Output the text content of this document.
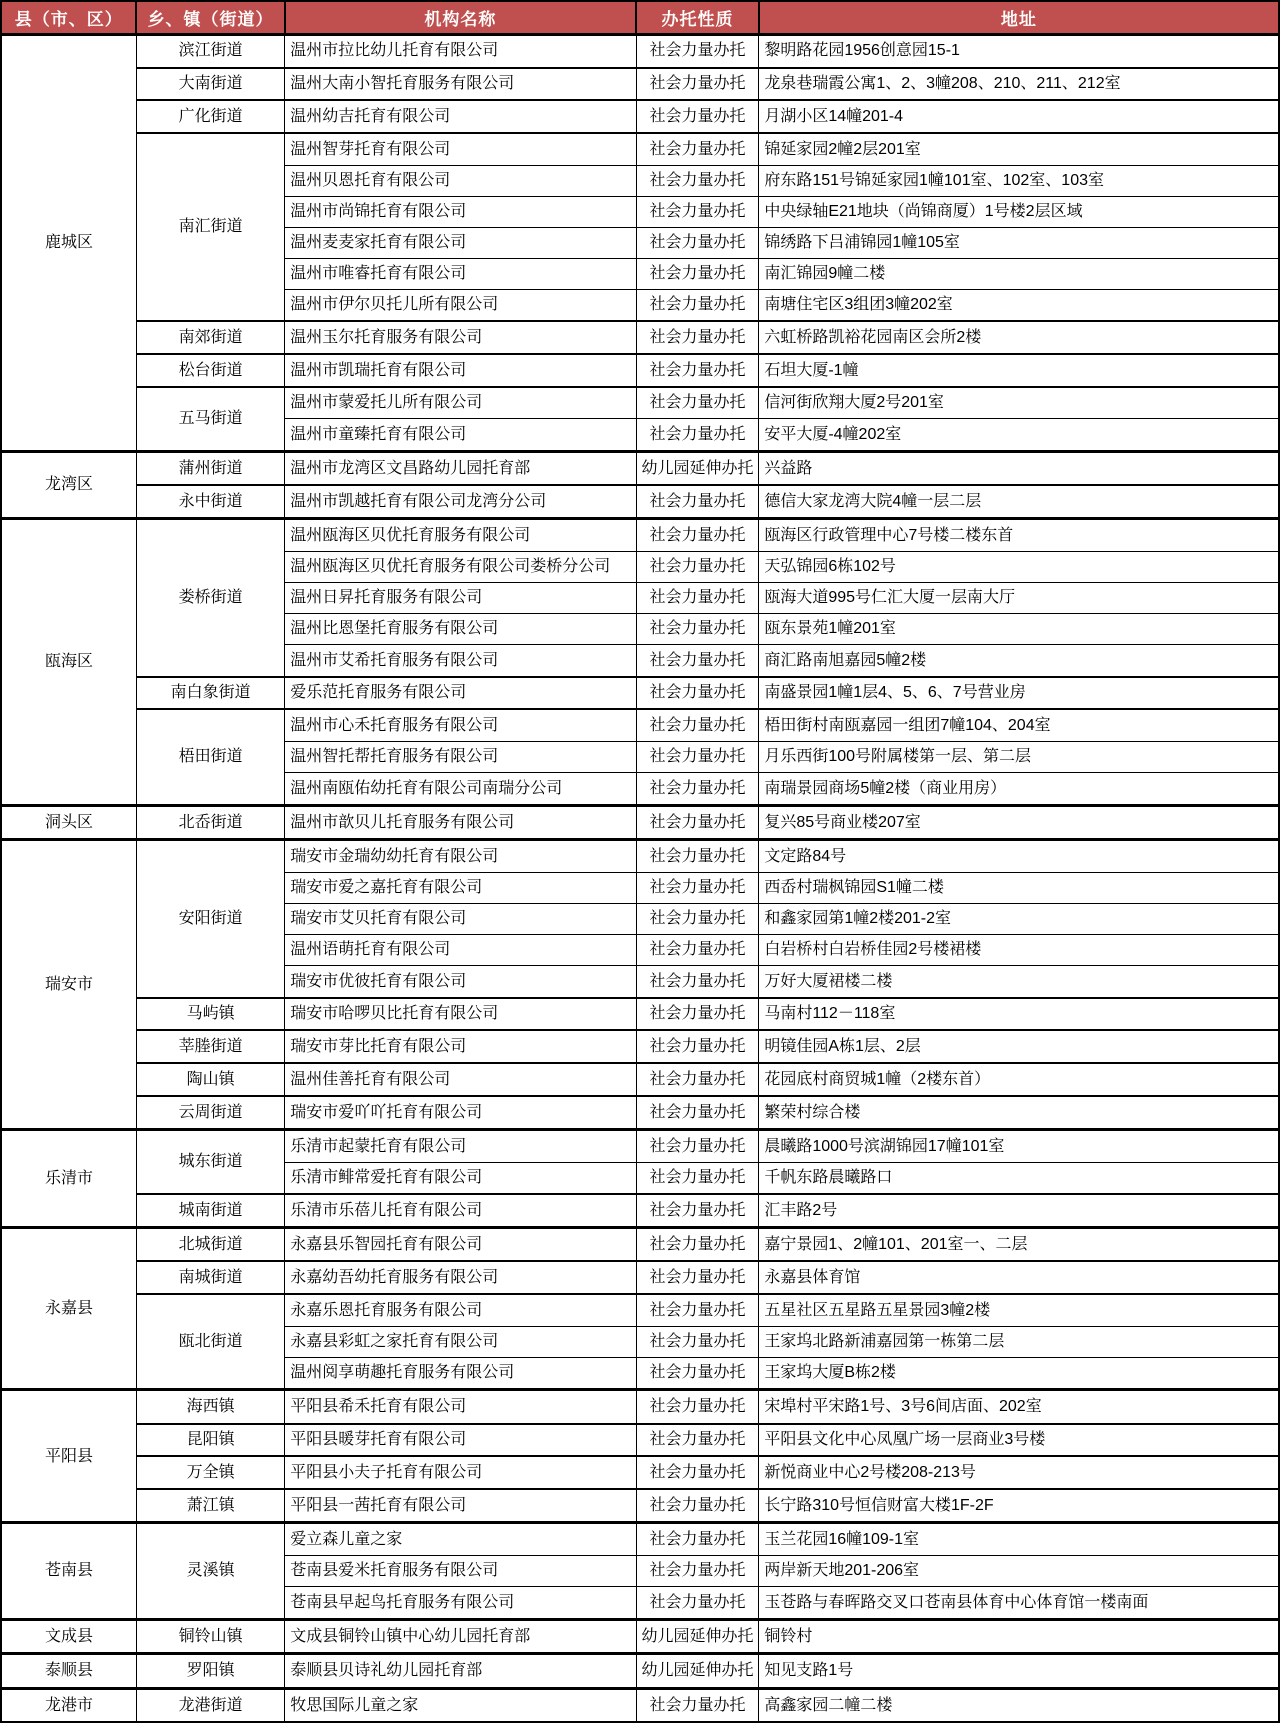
县（市、区）	乡、镇（街道）	机构名称	办托性质	地址
鹿城区	滨江街道	温州市拉比幼儿托育有限公司	社会力量办托	黎明路花园1956创意园15-1
	大南街道	温州大南小智托育服务有限公司	社会力量办托	龙泉巷瑞霞公寓1、2、3幢208、210、211、212室
	广化街道	温州幼吉托育有限公司	社会力量办托	月湖小区14幢201-4
	南汇街道	温州智芽托育有限公司	社会力量办托	锦延家园2幢2层201室
		温州贝恩托育有限公司	社会力量办托	府东路151号锦延家园1幢101室、102室、103室
		温州市尚锦托育有限公司	社会力量办托	中央绿轴E21地块（尚锦商厦）1号楼2层区域
		温州麦麦家托育有限公司	社会力量办托	锦绣路下吕浦锦园1幢105室
		温州市唯睿托育有限公司	社会力量办托	南汇锦园9幢二楼
		温州市伊尔贝托儿所有限公司	社会力量办托	南塘住宅区3组团3幢202室
	南郊街道	温州玉尔托育服务有限公司	社会力量办托	六虹桥路凯裕花园南区会所2楼
	松台街道	温州市凯瑞托育有限公司	社会力量办托	石坦大厦-1幢
	五马街道	温州市蒙爱托儿所有限公司	社会力量办托	信河街欣翔大厦2号201室
		温州市童臻托育有限公司	社会力量办托	安平大厦-4幢202室
龙湾区	蒲州街道	温州市龙湾区文昌路幼儿园托育部	幼儿园延伸办托	兴益路
	永中街道	温州市凯越托育有限公司龙湾分公司	社会力量办托	德信大家龙湾大院4幢一层二层
瓯海区	娄桥街道	温州瓯海区贝优托育服务有限公司	社会力量办托	瓯海区行政管理中心7号楼二楼东首
		温州瓯海区贝优托育服务有限公司娄桥分公司	社会力量办托	天弘锦园6栋102号
		温州日昇托育服务有限公司	社会力量办托	瓯海大道995号仁汇大厦一层南大厅
		温州比恩堡托育服务有限公司	社会力量办托	瓯东景苑1幢201室
		温州市艾希托育服务有限公司	社会力量办托	商汇路南旭嘉园5幢2楼
	南白象街道	爱乐范托育服务有限公司	社会力量办托	南盛景园1幢1层4、5、6、7号营业房
	梧田街道	温州市心禾托育服务有限公司	社会力量办托	梧田街村南瓯嘉园一组团7幢104、204室
		温州智托帮托育服务有限公司	社会力量办托	月乐西街100号附属楼第一层、第二层
		温州南瓯佑幼托育有限公司南瑞分公司	社会力量办托	南瑞景园商场5幢2楼（商业用房）
洞头区	北岙街道	温州市歆贝儿托育服务有限公司	社会力量办托	复兴85号商业楼207室
瑞安市	安阳街道	瑞安市金瑞幼幼托育有限公司	社会力量办托	文定路84号
		瑞安市爱之嘉托育有限公司	社会力量办托	西岙村瑞枫锦园S1幢二楼
		瑞安市艾贝托育有限公司	社会力量办托	和鑫家园第1幢2楼201-2室
		温州语萌托育有限公司	社会力量办托	白岩桥村白岩桥佳园2号楼裙楼
		瑞安市优彼托育有限公司	社会力量办托	万好大厦裙楼二楼
	马屿镇	瑞安市哈啰贝比托育有限公司	社会力量办托	马南村112－118室
	莘塍街道	瑞安市芽比托育有限公司	社会力量办托	明镜佳园A栋1层、2层
	陶山镇	温州佳善托育有限公司	社会力量办托	花园底村商贸城1幢（2楼东首）
	云周街道	瑞安市爱吖吖托育有限公司	社会力量办托	繁荣村综合楼
乐清市	城东街道	乐清市起蒙托育有限公司	社会力量办托	晨曦路1000号滨湖锦园17幢101室
		乐清市鲱常爱托育有限公司	社会力量办托	千帆东路晨曦路口
	城南街道	乐清市乐蓓儿托育有限公司	社会力量办托	汇丰路2号
永嘉县	北城街道	永嘉县乐智园托育有限公司	社会力量办托	嘉宁景园1、2幢101、201室一、二层
	南城街道	永嘉幼吾幼托育服务有限公司	社会力量办托	永嘉县体育馆
	瓯北街道	永嘉乐恩托育服务有限公司	社会力量办托	五星社区五星路五星景园3幢2楼
		永嘉县彩虹之家托育有限公司	社会力量办托	王家坞北路新浦嘉园第一栋第二层
		温州阅享萌趣托育服务有限公司	社会力量办托	王家坞大厦B栋2楼
平阳县	海西镇	平阳县希禾托育有限公司	社会力量办托	宋埠村平宋路1号、3号6间店面、202室
	昆阳镇	平阳县暖芽托育有限公司	社会力量办托	平阳县文化中心凤凰广场一层商业3号楼
	万全镇	平阳县小夫子托育有限公司	社会力量办托	新悦商业中心2号楼208-213号
	萧江镇	平阳县一茜托育有限公司	社会力量办托	长宁路310号恒信财富大楼1F-2F
苍南县	灵溪镇	爱立森儿童之家	社会力量办托	玉兰花园16幢109-1室
		苍南县爱米托育服务有限公司	社会力量办托	两岸新天地201-206室
		苍南县早起鸟托育服务有限公司	社会力量办托	玉苍路与春晖路交叉口苍南县体育中心体育馆一楼南面
文成县	铜铃山镇	文成县铜铃山镇中心幼儿园托育部	幼儿园延伸办托	铜铃村
泰顺县	罗阳镇	泰顺县贝诗礼幼儿园托育部	幼儿园延伸办托	知见支路1号
龙港市	龙港街道	牧思国际儿童之家	社会力量办托	高鑫家园二幢二楼
